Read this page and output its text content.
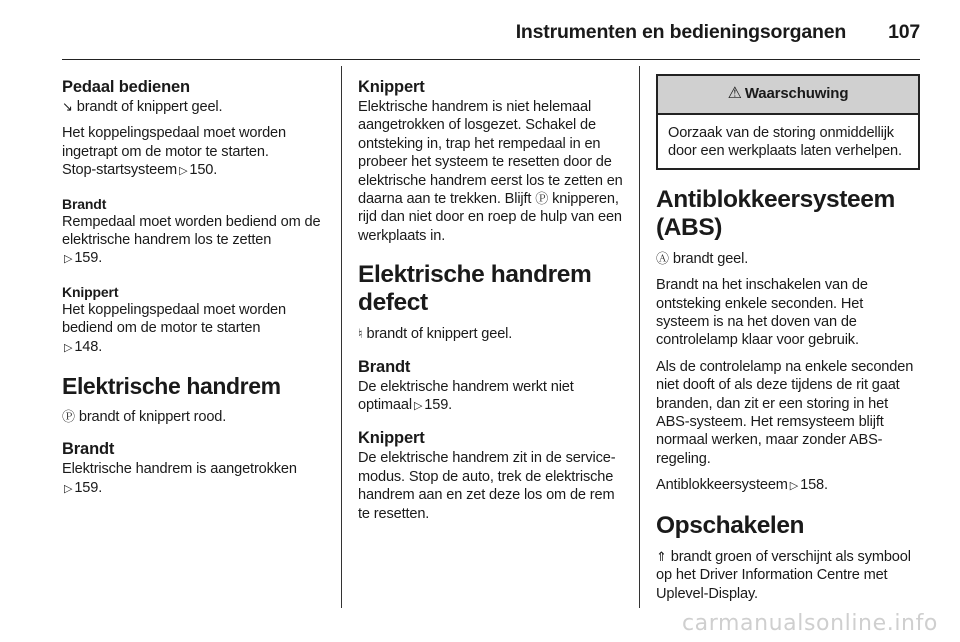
Instrumenten en bedieningsorganen 107
Pedaal bedienen

↘ brandt of knippert geel.

Het koppelingspedaal moet worden ingetrapt om de motor te starten.
Stop-startsysteem ▷ 150.

Brandt

Rempedaal moet worden bediend om de elektrische handrem los te zetten
▷ 159.

Knippert

Het koppelingspedaal moet worden bediend om de motor te starten
▷ 148.

Elektrische handrem

Ⓟ brandt of knippert rood.

Brandt

Elektrische handrem is aangetrokken
▷ 159.

Knippert

Elektrische handrem is niet helemaal aangetrokken of losgezet. Schakel de ontsteking in, trap het rempedaal in en probeer het systeem te resetten door de elektrische handrem eerst los te zetten en daarna aan te trekken. Blijft Ⓟ knipperen, rijd dan niet door en roep de hulp van een werkplaats in.

Elektrische handrem defect

♮ brandt of knippert geel.

Brandt

De elektrische handrem werkt niet optimaal ▷ 159.

Knippert

De elektrische handrem zit in de service-modus. Stop de auto, trek de elektrische handrem aan en zet deze los om de rem te resetten.

⚠ Waarschuwing
Oorzaak van de storing onmiddellijk door een werkplaats laten verhelpen.
Antiblokkeersysteem (ABS)

Ⓐ brandt geel.

Brandt na het inschakelen van de ontsteking enkele seconden. Het systeem is na het doven van de controlelamp klaar voor gebruik.

Als de controlelamp na enkele seconden niet dooft of als deze tijdens de rit gaat branden, dan zit er een storing in het ABS-systeem. Het remsysteem blijft normaal werken, maar zonder ABS-regeling.

Antiblokkeersysteem ▷ 158.

Opschakelen

⇑ brandt groen of verschijnt als symbool op het Driver Information Centre met Uplevel-Display.

carmanualsonline.info
